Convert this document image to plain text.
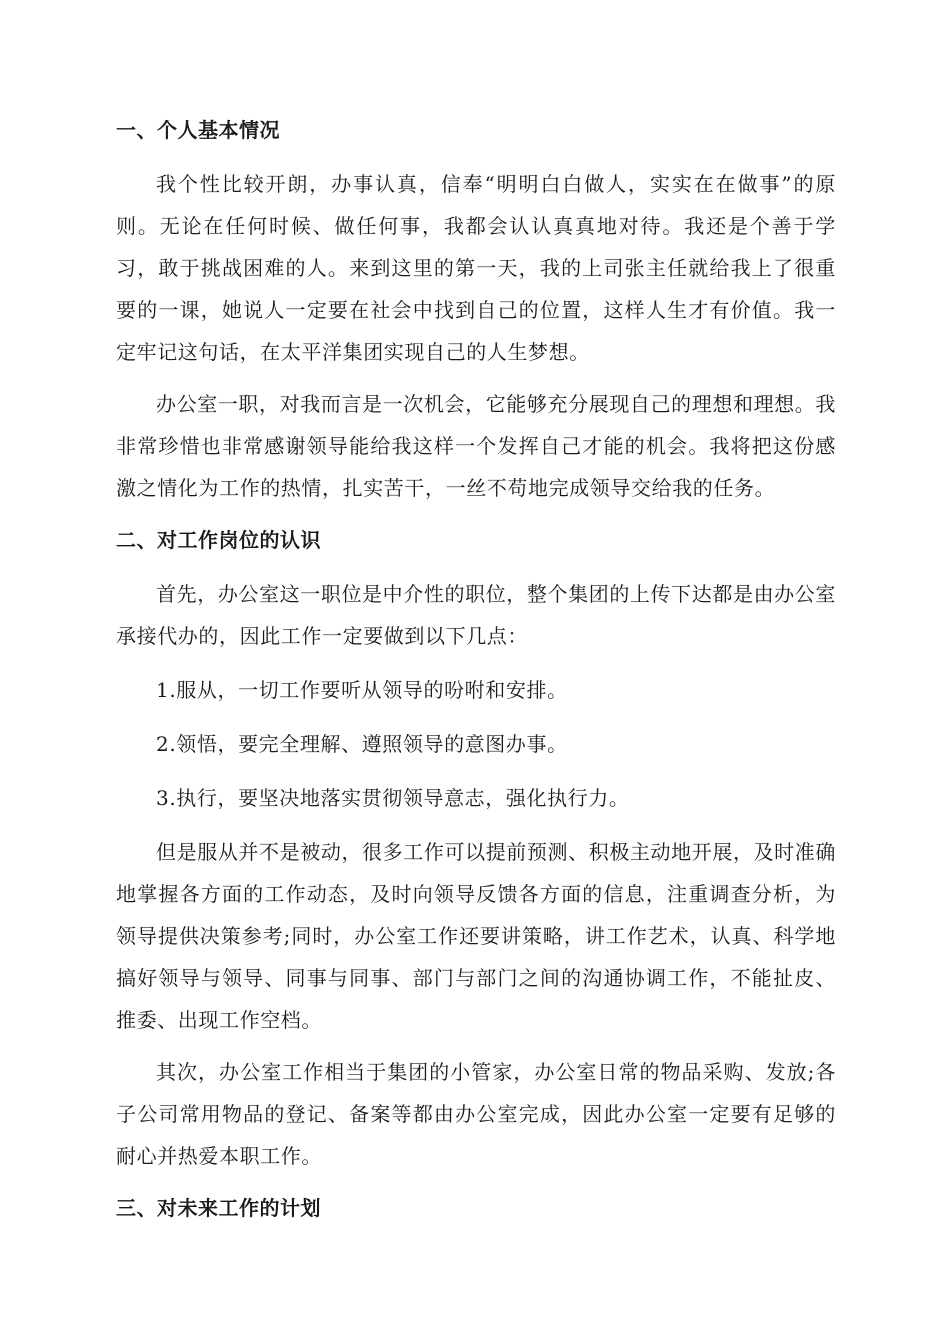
一、个人基本情况

我个性比较开朗，办事认真，信奉“明明白白做人，实实在在做事”的原则。无论在任何时候、做任何事，我都会认认真真地对待。我还是个善于学习，敢于挑战困难的人。来到这里的第一天，我的上司张主任就给我上了很重要的一课，她说人一定要在社会中找到自己的位置，这样人生才有价值。我一定牢记这句话，在太平洋集团实现自己的人生梦想。

办公室一职，对我而言是一次机会，它能够充分展现自己的理想和理想。我非常珍惜也非常感谢领导能给我这样一个发挥自己才能的机会。我将把这份感激之情化为工作的热情，扎实苦干，一丝不苟地完成领导交给我的任务。

二、对工作岗位的认识

首先，办公室这一职位是中介性的职位，整个集团的上传下达都是由办公室承接代办的，因此工作一定要做到以下几点：

1.服从，一切工作要听从领导的吩咐和安排。

2.领悟，要完全理解、遵照领导的意图办事。

3.执行，要坚决地落实贯彻领导意志，强化执行力。

但是服从并不是被动，很多工作可以提前预测、积极主动地开展，及时准确地掌握各方面的工作动态，及时向领导反馈各方面的信息，注重调查分析，为领导提供决策参考;同时，办公室工作还要讲策略，讲工作艺术，认真、科学地搞好领导与领导、同事与同事、部门与部门之间的沟通协调工作，不能扯皮、推委、出现工作空档。

其次，办公室工作相当于集团的小管家，办公室日常的物品采购、发放;各子公司常用物品的登记、备案等都由办公室完成，因此办公室一定要有足够的耐心并热爱本职工作。

三、对未来工作的计划
